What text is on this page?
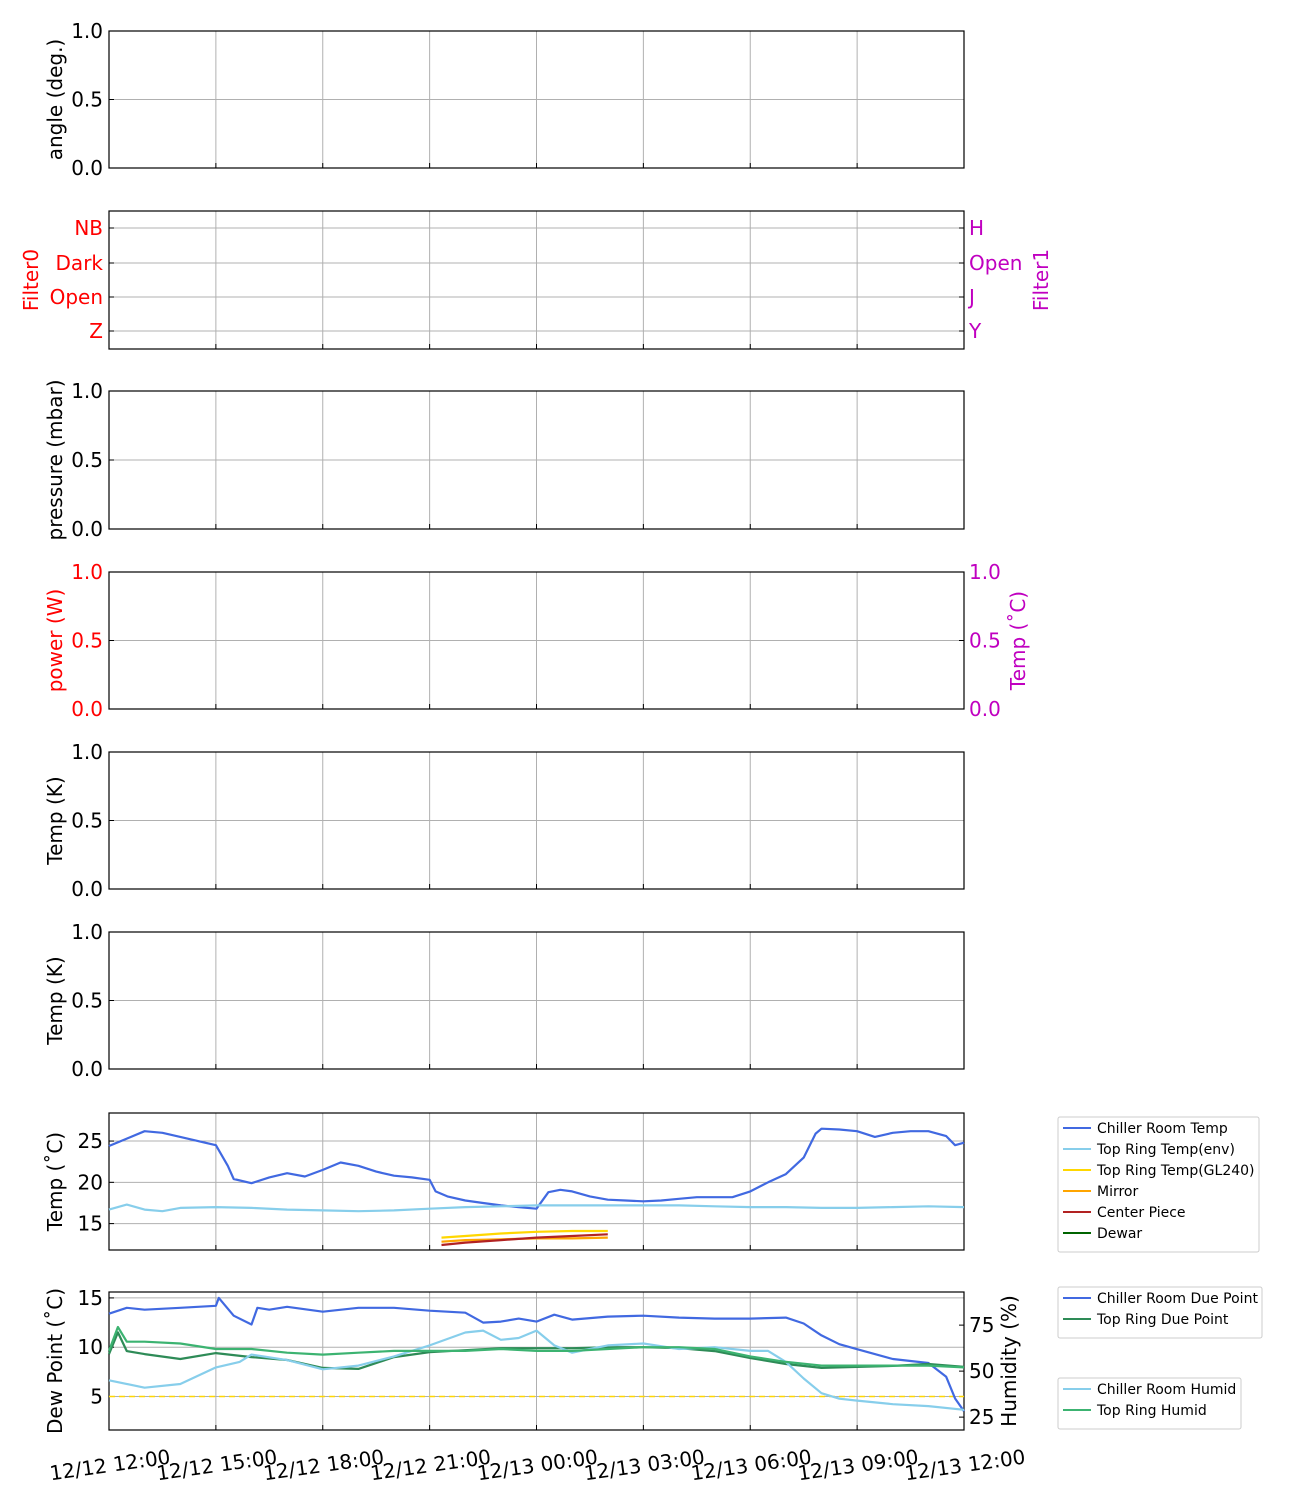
0.0
0.5
1.0
angle (deg.)
Z
Open
Dark
NB
Y
J
Open
H
Filter0	Filter1
0.0
0.5
1.0
pressure (mbar)
0.0
0.5
1.0
power (W)
0.0
0.5
1.0
Temp (˚C)
0.0
0.5
1.0
Temp (K)
0.0
0.5
1.0
Temp (K)
15
20
25
Temp (˚C)
5
10
15
Dew Point (˚C)	25
50
75 Humidity (%)
12/12 12:00
12/12 15:00
12/12 18:00
12/12 21:00
12/13 00:00
12/13 03:00
12/13 06:00
12/13 09:00
12/13 12:00
Chiller Room Temp
Top Ring Temp(env)
Top Ring Temp(GL240)
Mirror
Center Piece
Dewar
Chiller Room Due Point
Top Ring Due Point
Chiller Room Humid
Top Ring Humid
